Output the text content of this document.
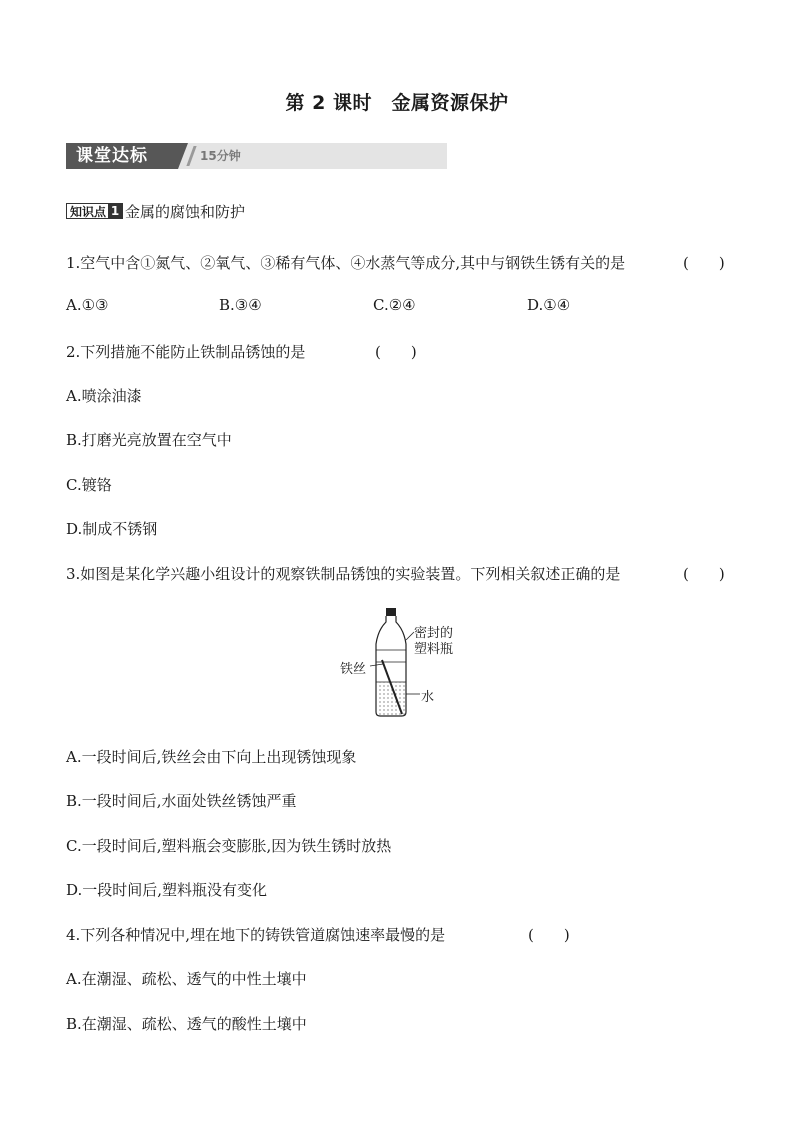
第 2 课时　金属资源保护
课堂达标	15分钟
知识点 1 金属的腐蚀和防护
1.空气中含①氮气、②氧气、③稀有气体、④水蒸气等成分,其中与钢铁生锈有关的是	(　　)
A.①③	B.③④	C.②④	D.①④
2.下列措施不能防止铁制品锈蚀的是	(　　)
A.喷涂油漆
B.打磨光亮放置在空气中
C.镀铬
D.制成不锈钢
3.如图是某化学兴趣小组设计的观察铁制品锈蚀的实验装置。下列相关叙述正确的是	(　　)
密封的
塑料瓶
铁丝
水
A.一段时间后,铁丝会由下向上出现锈蚀现象
B.一段时间后,水面处铁丝锈蚀严重
C.一段时间后,塑料瓶会变膨胀,因为铁生锈时放热
D.一段时间后,塑料瓶没有变化
4.下列各种情况中,埋在地下的铸铁管道腐蚀速率最慢的是	(　　)
A.在潮湿、疏松、透气的中性土壤中
B.在潮湿、疏松、透气的酸性土壤中
